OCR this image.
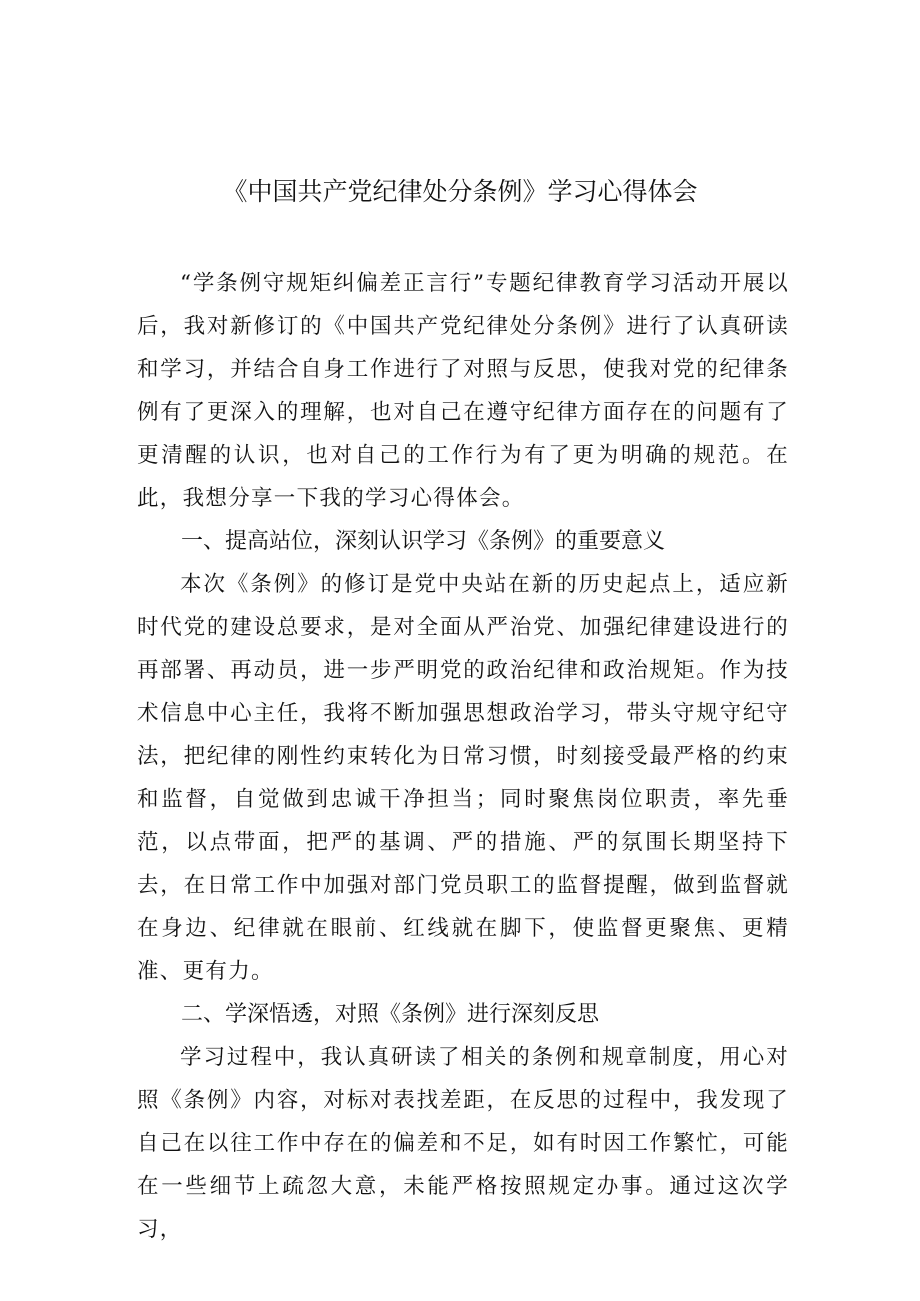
《中国共产党纪律处分条例》学习心得体会

“学条例守规矩纠偏差正言行”专题纪律教育学习活动开展以后，我对新修订的《中国共产党纪律处分条例》进行了认真研读和学习，并结合自身工作进行了对照与反思，使我对党的纪律条例有了更深入的理解，也对自己在遵守纪律方面存在的问题有了更清醒的认识，也对自己的工作行为有了更为明确的规范。在此，我想分享一下我的学习心得体会。

一、提高站位，深刻认识学习《条例》的重要意义

本次《条例》的修订是党中央站在新的历史起点上，适应新时代党的建设总要求，是对全面从严治党、加强纪律建设进行的再部署、再动员，进一步严明党的政治纪律和政治规矩。作为技术信息中心主任，我将不断加强思想政治学习，带头守规守纪守法，把纪律的刚性约束转化为日常习惯，时刻接受最严格的约束和监督，自觉做到忠诚干净担当；同时聚焦岗位职责，率先垂范，以点带面，把严的基调、严的措施、严的氛围长期坚持下去，在日常工作中加强对部门党员职工的监督提醒，做到监督就在身边、纪律就在眼前、红线就在脚下，使监督更聚焦、更精准、更有力。

二、学深悟透，对照《条例》进行深刻反思

学习过程中，我认真研读了相关的条例和规章制度，用心对照《条例》内容，对标对表找差距，在反思的过程中，我发现了自己在以往工作中存在的偏差和不足，如有时因工作繁忙，可能在一些细节上疏忽大意，未能严格按照规定办事。通过这次学习，
